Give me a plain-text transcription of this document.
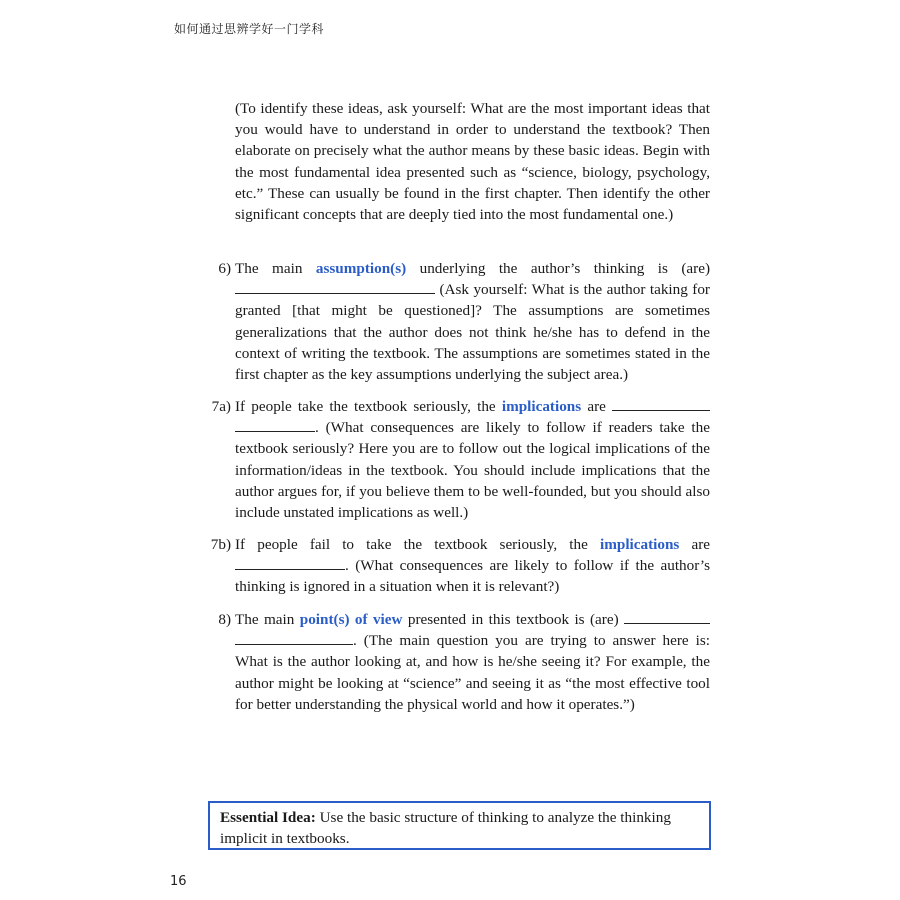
如何通过思辨学好一门学科

(To identify these ideas, ask yourself: What are the most important ideas that you would have to understand in order to understand the textbook? Then elaborate on precisely what the author means by these basic ideas. Begin with the most fundamental idea presented such as “science, biology, psychology, etc.” These can usually be found in the first chapter. Then identify the other significant concepts that are deeply tied into the most fundamental one.)

6) The main assumption(s) underlying the author’s thinking is (are)  (Ask yourself: What is the author taking for granted [that might be questioned]? The assumptions are sometimes generalizations that the author does not think he/she has to defend in the context of writing the textbook. The assumptions are sometimes stated in the first chapter as the key assumptions underlying the subject area.)
7a) If people take the textbook seriously, the implications are  . (What consequences are likely to follow if readers take the textbook seriously? Here you are to follow out the logical implications of the information/ideas in the textbook. You should include implications that the author argues for, if you believe them to be well-founded, but you should also include unstated implications as well.)
7b) If people fail to take the textbook seriously, the implications are . (What consequences are likely to follow if the author’s thinking is ignored in a situation when it is relevant?)
8) The main point(s) of view presented in this textbook is (are)  . (The main question you are trying to answer here is: What is the author looking at, and how is he/she seeing it? For example, the author might be looking at “science” and seeing it as “the most effective tool for better understanding the physical world and how it operates.”)
Essential Idea: Use the basic structure of thinking to analyze the thinking implicit in textbooks.
16
